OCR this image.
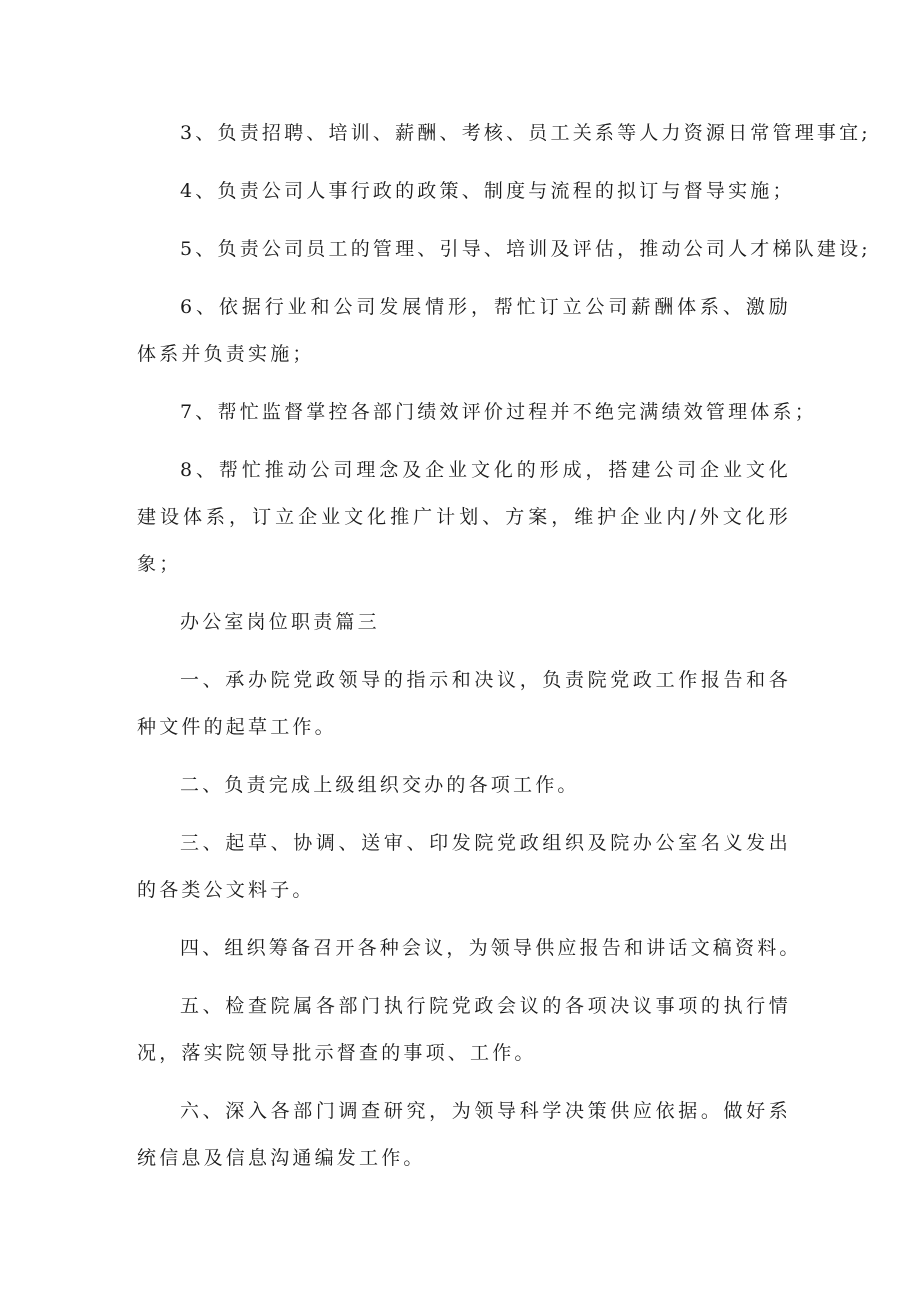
3、负责招聘、培训、薪酬、考核、员工关系等人力资源日常管理事宜;

4、负责公司人事行政的政策、制度与流程的拟订与督导实施；

5、负责公司员工的管理、引导、培训及评估，推动公司人才梯队建设;

6、依据行业和公司发展情形，帮忙订立公司薪酬体系、激励体系并负责实施；

7、帮忙监督掌控各部门绩效评价过程并不绝完满绩效管理体系；

8、帮忙推动公司理念及企业文化的形成，搭建公司企业文化建设体系，订立企业文化推广计划、方案，维护企业内/外文化形象；

办公室岗位职责篇三

一、承办院党政领导的指示和决议，负责院党政工作报告和各种文件的起草工作。

二、负责完成上级组织交办的各项工作。

三、起草、协调、送审、印发院党政组织及院办公室名义发出的各类公文料子。

四、组织筹备召开各种会议，为领导供应报告和讲话文稿资料。

五、检查院属各部门执行院党政会议的各项决议事项的执行情况，落实院领导批示督查的事项、工作。

六、深入各部门调查研究，为领导科学决策供应依据。做好系统信息及信息沟通编发工作。
